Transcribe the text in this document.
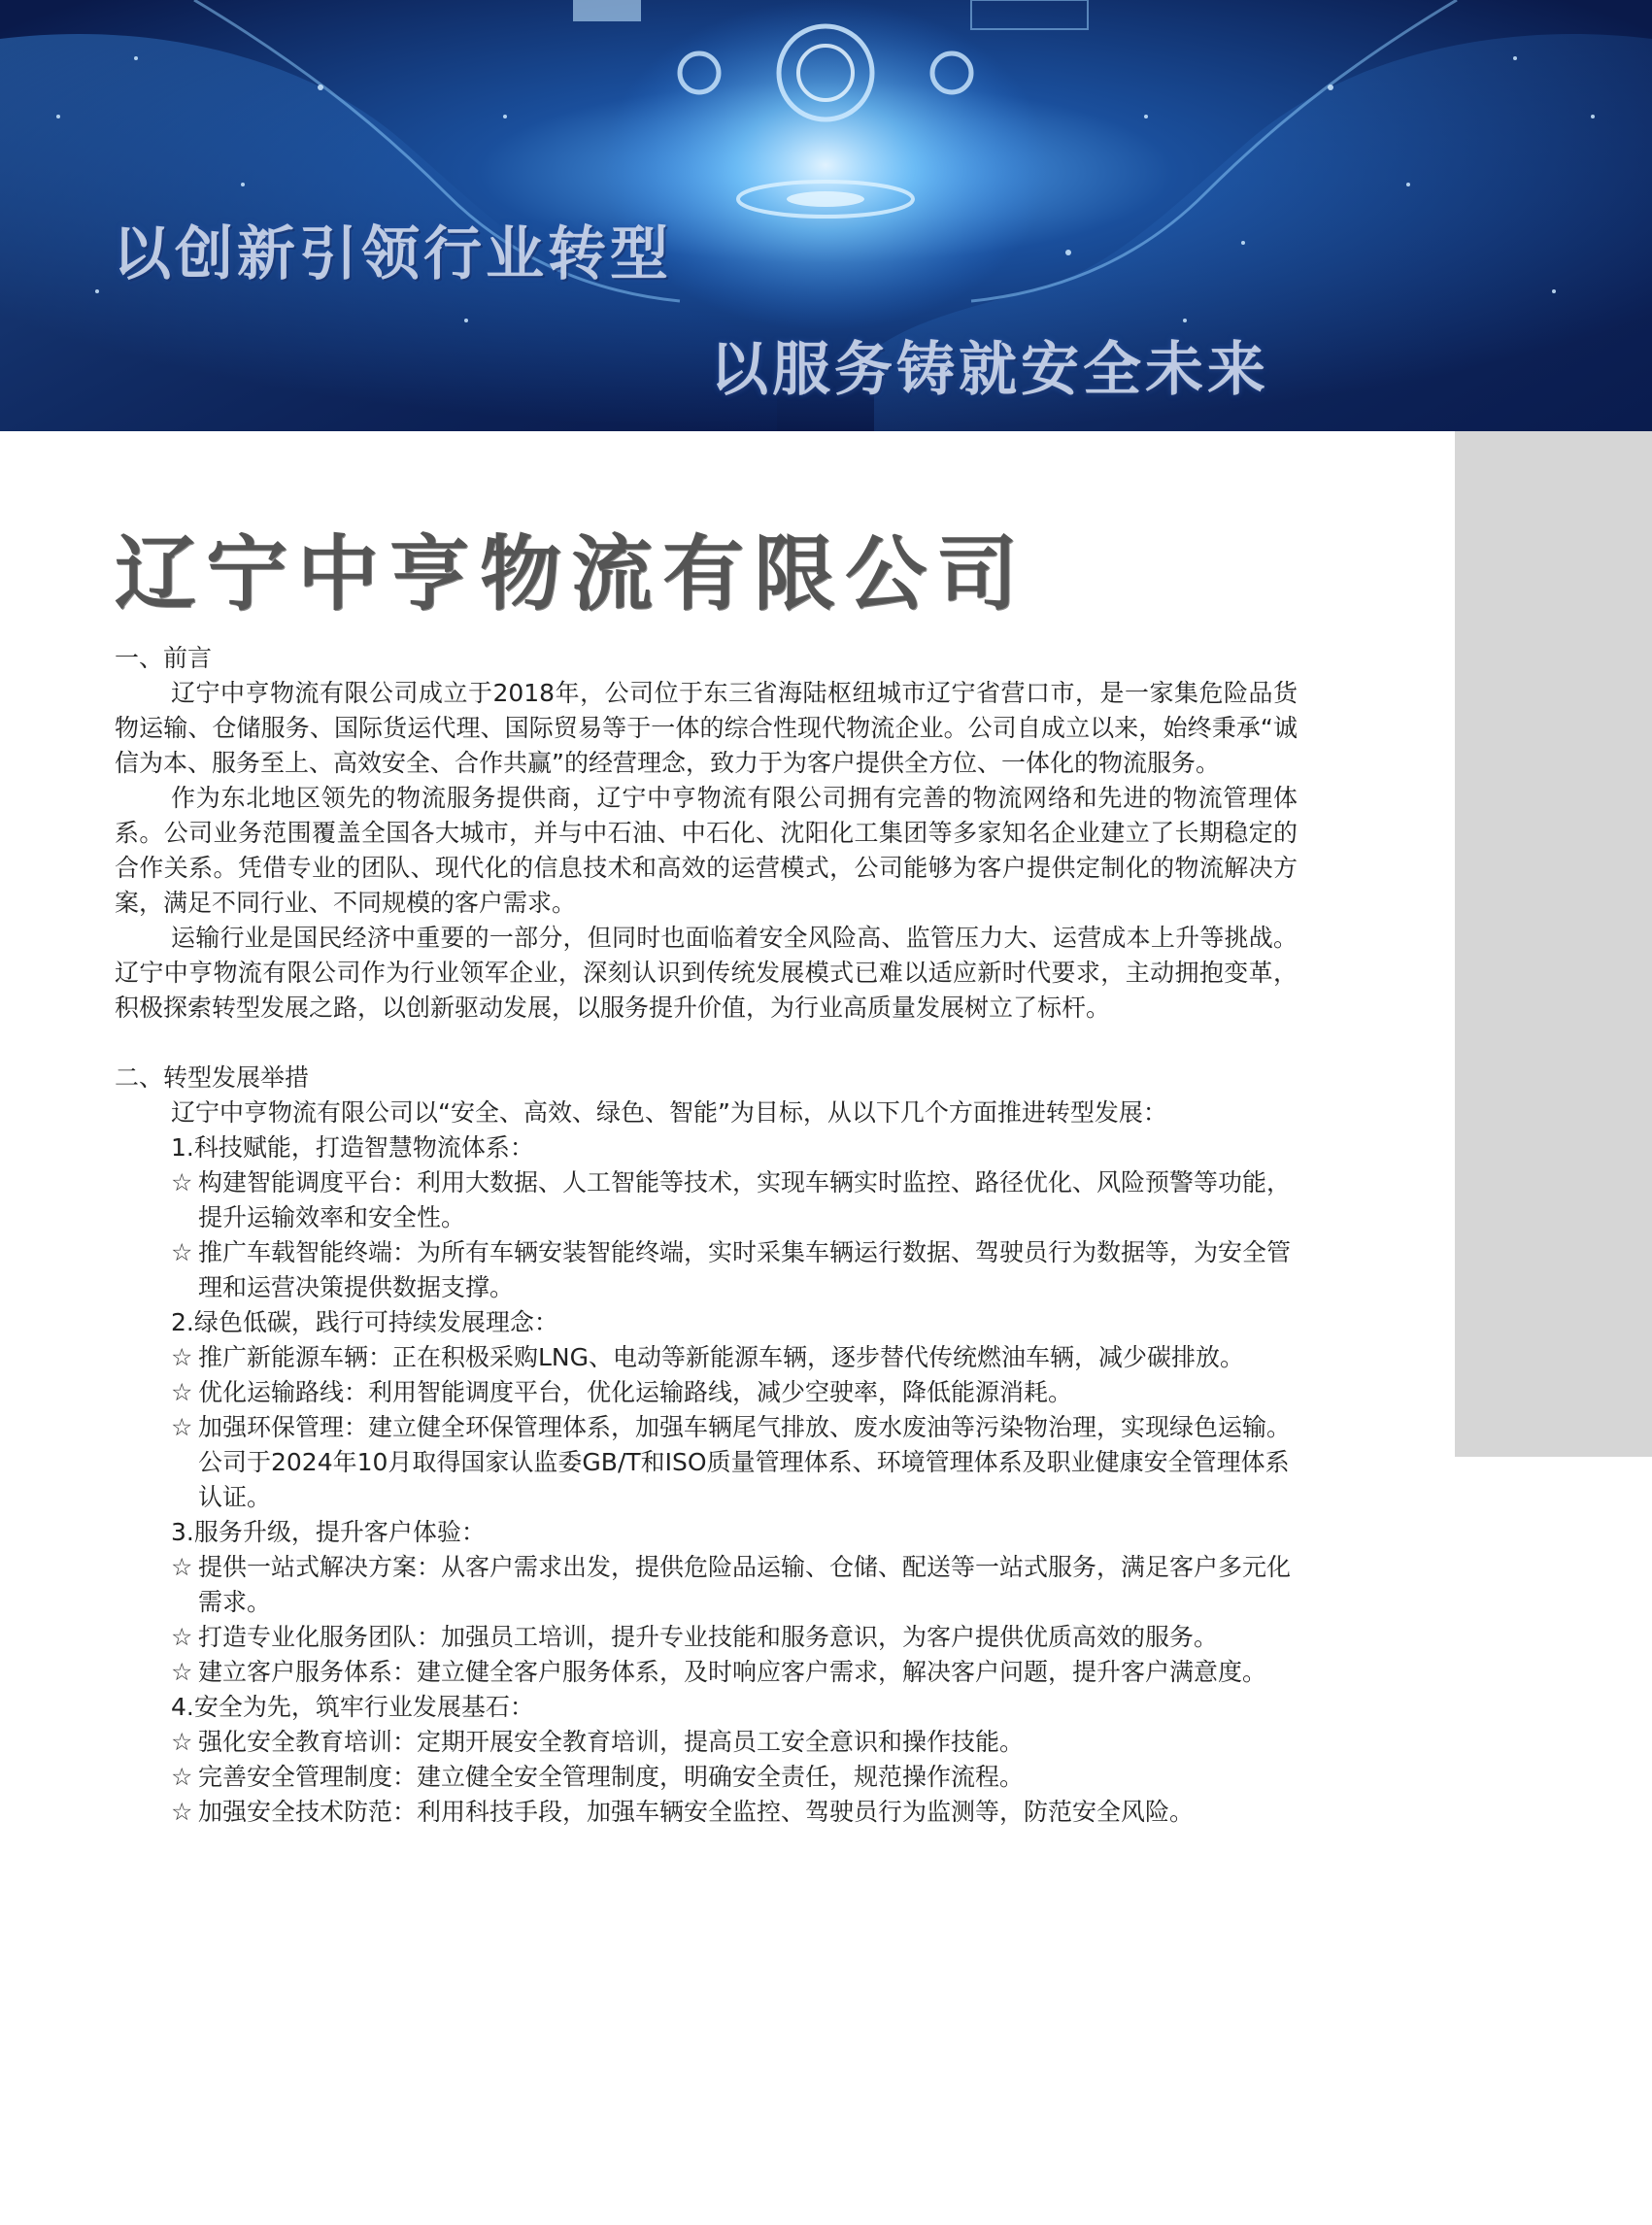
以创新引领行业转型
以服务铸就安全未来
辽宁中亨物流有限公司

一、前言

辽宁中亨物流有限公司成立于2018年，公司位于东三省海陆枢纽城市辽宁省营口市，是一家集危险品货物运输、仓储服务、国际货运代理、国际贸易等于一体的综合性现代物流企业。公司自成立以来，始终秉承“诚信为本、服务至上、高效安全、合作共赢”的经营理念，致力于为客户提供全方位、一体化的物流服务。

作为东北地区领先的物流服务提供商，辽宁中亨物流有限公司拥有完善的物流网络和先进的物流管理体系。公司业务范围覆盖全国各大城市，并与中石油、中石化、沈阳化工集团等多家知名企业建立了长期稳定的合作关系。凭借专业的团队、现代化的信息技术和高效的运营模式，公司能够为客户提供定制化的物流解决方案，满足不同行业、不同规模的客户需求。

运输行业是国民经济中重要的一部分，但同时也面临着安全风险高、监管压力大、运营成本上升等挑战。辽宁中亨物流有限公司作为行业领军企业，深刻认识到传统发展模式已难以适应新时代要求，主动拥抱变革，积极探索转型发展之路，以创新驱动发展，以服务提升价值，为行业高质量发展树立了标杆。

二、转型发展举措

辽宁中亨物流有限公司以“安全、高效、绿色、智能”为目标，从以下几个方面推进转型发展：

1.科技赋能，打造智慧物流体系：

☆ 构建智能调度平台：利用大数据、人工智能等技术，实现车辆实时监控、路径优化、风险预警等功能，提升运输效率和安全性。
☆ 推广车载智能终端：为所有车辆安装智能终端，实时采集车辆运行数据、驾驶员行为数据等，为安全管理和运营决策提供数据支撑。

2.绿色低碳，践行可持续发展理念：

☆ 推广新能源车辆：正在积极采购LNG、电动等新能源车辆，逐步替代传统燃油车辆，减少碳排放。
☆ 优化运输路线：利用智能调度平台，优化运输路线，减少空驶率，降低能源消耗。
☆ 加强环保管理：建立健全环保管理体系，加强车辆尾气排放、废水废油等污染物治理，实现绿色运输。公司于2024年10月取得国家认监委GB/T和ISO质量管理体系、环境管理体系及职业健康安全管理体系认证。

3.服务升级，提升客户体验：

☆ 提供一站式解决方案：从客户需求出发，提供危险品运输、仓储、配送等一站式服务，满足客户多元化需求。
☆ 打造专业化服务团队：加强员工培训，提升专业技能和服务意识，为客户提供优质高效的服务。
☆ 建立客户服务体系：建立健全客户服务体系，及时响应客户需求，解决客户问题，提升客户满意度。

4.安全为先，筑牢行业发展基石：

☆ 强化安全教育培训：定期开展安全教育培训，提高员工安全意识和操作技能。
☆ 完善安全管理制度：建立健全安全管理制度，明确安全责任，规范操作流程。
☆ 加强安全技术防范：利用科技手段，加强车辆安全监控、驾驶员行为监测等，防范安全风险。
